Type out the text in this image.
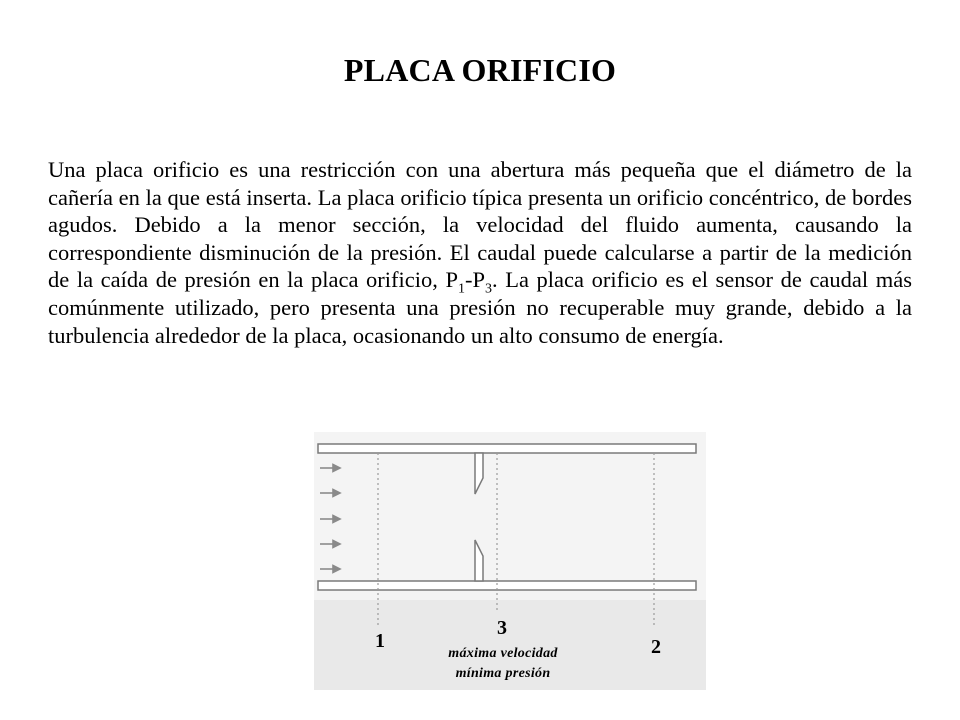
PLACA ORIFICIO

Una placa orificio es una restricción con una abertura más pequeña que el diámetro de la cañería en la que está inserta. La placa orificio típica presenta un orificio concéntrico, de bordes agudos. Debido a la menor sección, la velocidad del fluido aumenta, causando la correspondiente disminución de la presión. El caudal puede calcularse a partir de la medición de la caída de presión en la placa orificio, $P_1-P_3$. La placa orificio es el sensor de caudal más comúnmente utilizado, pero presenta una presión no recuperable muy grande, debido a la turbulencia alrededor de la placa, ocasionando un alto consumo de energía.

1
3
2
máxima velocidad
mínima presión
